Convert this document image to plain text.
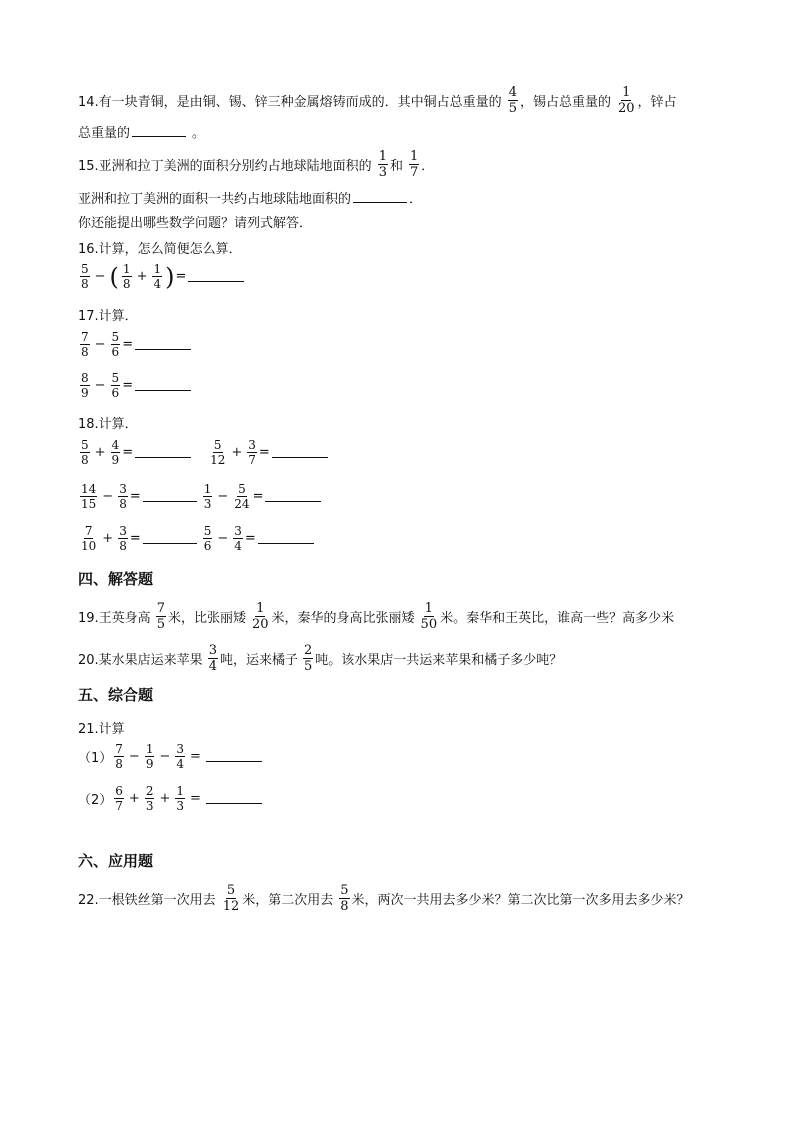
14.有一块青铜，是由铜、锡、锌三种金属熔铸而成的．其中铜占总重量的 $\frac{4}{5}$ ，锡占总重量的 $\frac{1}{20}$ ，锌占
总重量的	。
15.亚洲和拉丁美洲的面积分别约占地球陆地面积的 $\frac{1}{3}$ 和 $\frac{1}{7}$ ．
亚洲和拉丁美洲的面积一共约占地球陆地面积的	．
你还能提出哪些数学问题？请列式解答．
16.计算，怎么简便怎么算．
$\frac{5}{8}$ − ( $\frac{1}{8} + \frac{1}{4}$ ) =
17.计算．
$\frac{7}{8} - \frac{5}{6}$ =
$\frac{8}{9} - \frac{5}{6}$ =
18.计算．
$\frac{5}{8} + \frac{4}{9}$ =	$\frac{5}{12} + \frac{3}{7}$ =
$\frac{14}{15} - \frac{3}{8}$ =	$\frac{1}{3} - \frac{5}{24}$ =
$\frac{7}{10} + \frac{3}{8}$ =	$\frac{5}{6} - \frac{3}{4}$ =
四、解答题
19.王英身高 $\frac{7}{5}$ 米，比张丽矮 $\frac{1}{20}$ 米，秦华的身高比张丽矮 $\frac{1}{50}$ 米。秦华和王英比，谁高一些？高多少米
20.某水果店运来苹果 $\frac{3}{4}$ 吨，运来橘子 $\frac{2}{5}$ 吨。该水果店一共运来苹果和橘子多少吨？
五、综合题
21.计算
$(1) \frac{7}{8} - \frac{1}{9} - \frac{3}{4}$ =
$(2) \frac{6}{7} + \frac{2}{3} + \frac{1}{3}$ =
六、应用题
22.一根铁丝第一次用去 $\frac{5}{12}$ 米，第二次用去 $\frac{5}{8}$ 米，两次一共用去多少米？第二次比第一次多用去多少米？
